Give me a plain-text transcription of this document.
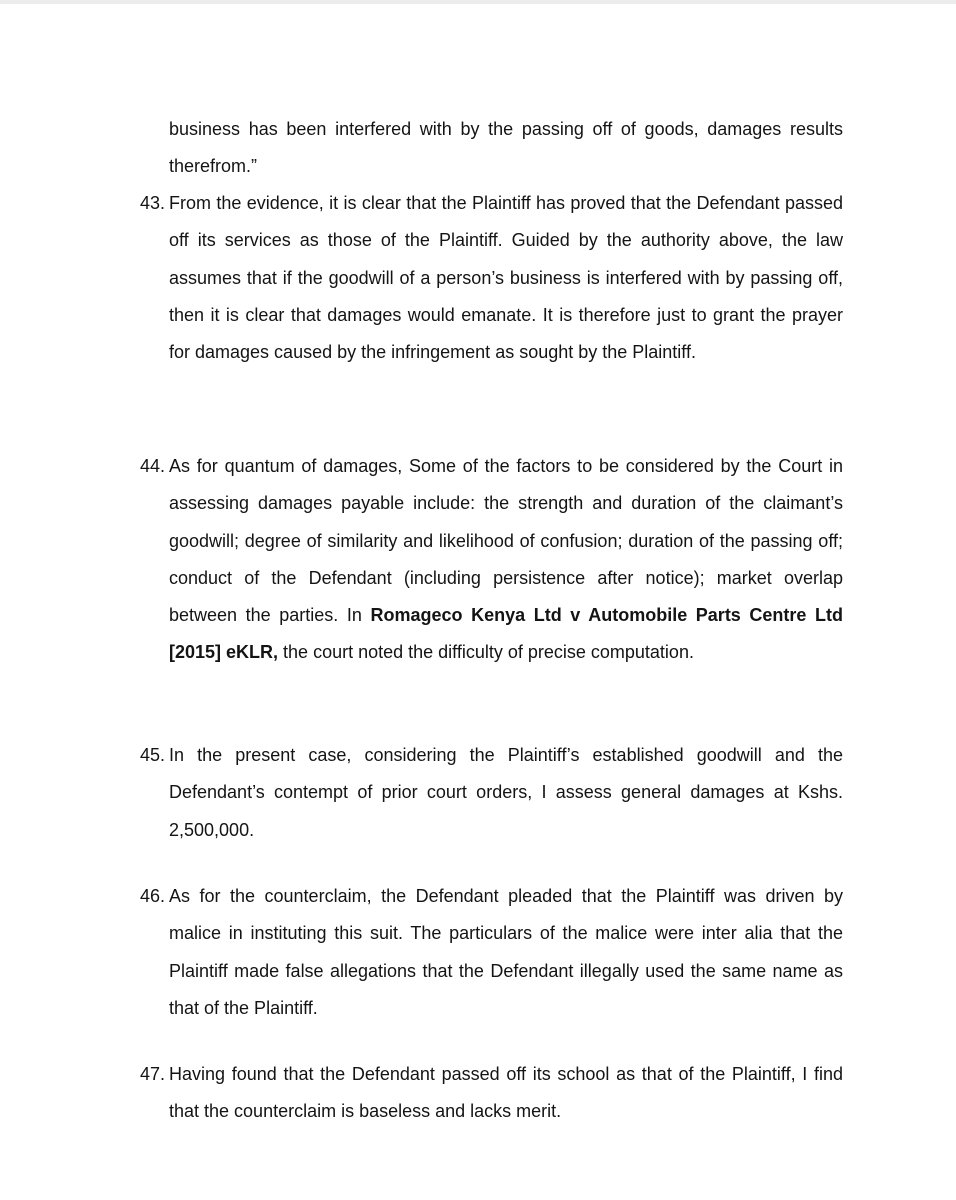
business has been interfered with by the passing off of goods, damages results therefrom.”
43. From the evidence, it is clear that the Plaintiff has proved that the Defendant passed off its services as those of the Plaintiff. Guided by the authority above, the law assumes that if the goodwill of a person’s business is interfered with by passing off, then it is clear that damages would emanate. It is therefore just to grant the prayer for damages caused by the infringement as sought by the Plaintiff.
44. As for quantum of damages, Some of the factors to be considered by the Court in assessing damages payable include: the strength and duration of the claimant’s goodwill; degree of similarity and likelihood of confusion; duration of the passing off; conduct of the Defendant (including persistence after notice); market overlap between the parties. In Romageco Kenya Ltd v Automobile Parts Centre Ltd [2015] eKLR, the court noted the difficulty of precise computation.
45. In the present case, considering the Plaintiff’s established goodwill and the Defendant’s contempt of prior court orders, I assess general damages at Kshs. 2,500,000.
46. As for the counterclaim, the Defendant pleaded that the Plaintiff was driven by malice in instituting this suit. The particulars of the malice were inter alia that the Plaintiff made false allegations that the Defendant illegally used the same name as that of the Plaintiff.
47. Having found that the Defendant passed off its school as that of the Plaintiff, I find that the counterclaim is baseless and lacks merit.
